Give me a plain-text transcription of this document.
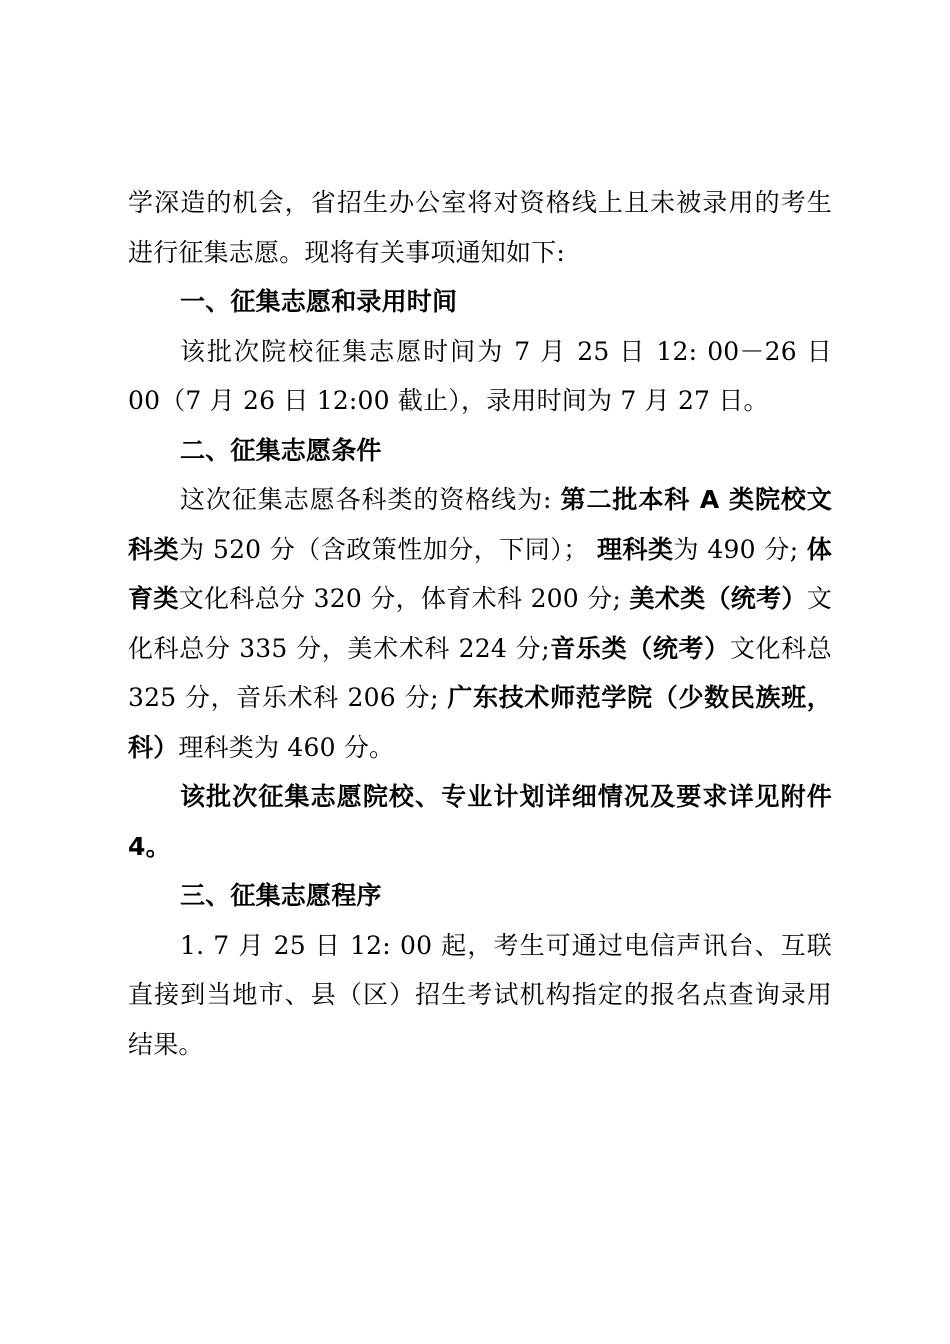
学深造的机会，省招生办公室将对资格线上且未被录用的考生
进行征集志愿。现将有关事项通知如下:
一、征集志愿和录用时间
该批次院校征集志愿时间为 7 月 25 日 12: 00－26 日
00（7 月 26 日 12:00 截止），录用时间为 7 月 27 日。
二、征集志愿条件
这次征集志愿各科类的资格线为: 第二批本科 A 类院校文
科类为 520 分（含政策性加分，下同）； 理科类为 490 分; 体
育类文化科总分 320 分，体育术科 200 分; 美术类（统考）文
化科总分 335 分，美术术科 224 分;音乐类（统考）文化科总
325 分，音乐术科 206 分; 广东技术师范学院（少数民族班，
科）理科类为 460 分。
该批次征集志愿院校、专业计划详细情况及要求详见附件
4。
三、征集志愿程序
1. 7 月 25 日 12: 00 起，考生可通过电信声讯台、互联
直接到当地市、县（区）招生考试机构指定的报名点查询录用
结果。
